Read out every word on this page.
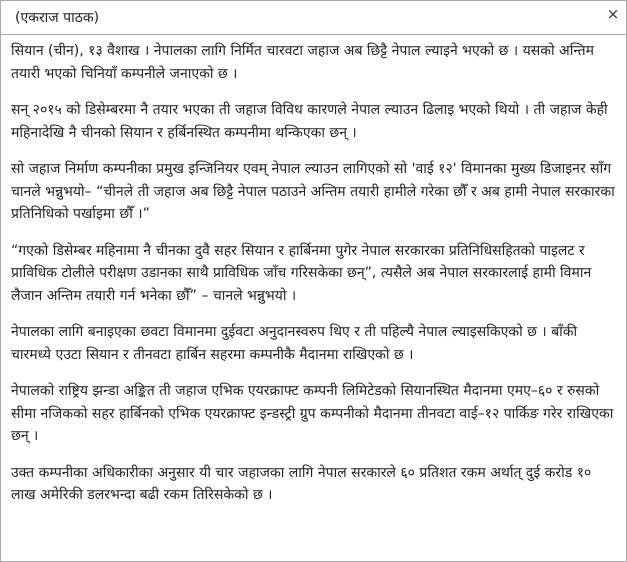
(एकराज पाठक)	×

सियान (चीन), १३ वैशाख । नेपालका लागि निर्मित चारवटा जहाज अब छिट्टै नेपाल ल्याइने भएको छ । यसको अन्तिम तयारी भएको चिनियाँ कम्पनीले जनाएको छ ।

सन् २०१५ को डिसेम्बरमा नै तयार भएका ती जहाज विविध कारणले नेपाल ल्याउन ढिलाइ भएको थियो । ती जहाज केही महिनादेखि नै चीनको सियान र हर्बिनस्थित कम्पनीमा थन्किएका छन् ।

सो जहाज निर्माण कम्पनीका प्रमुख इन्जिनियर एवम् नेपाल ल्याउन लागिएको सो 'वाई १२' विमानका मुख्य डिजाइनर साँग चानले भन्नुभयो– “चीनले ती जहाज अब छिट्टै नेपाल पठाउने अन्तिम तयारी हामीले गरेका छौँ र अब हामी नेपाल सरकारका प्रतिनिधिको पर्खाइमा छौँ ।”

“गएको डिसेम्बर महिनामा नै चीनका दुवै सहर सियान र हार्बिनमा पुगेर नेपाल सरकारका प्रतिनिधिसहितकाे पाइलट र प्राविधिक टोलीले परीक्षण उडानका साथै प्राविधिक जाँच गरिसकेका छन्”, त्यसैले अब नेपाल सरकारलाई हामी विमान लैजान अन्तिम तयारी गर्न भनेका छौँ” – चानले भन्नुभयो ।

नेपालका लागि बनाइएका छवटा विमानमा दुईवटा अनुदानस्वरुप थिए र ती पहिल्यै नेपाल ल्याइसकिएको छ । बाँकी चारमध्ये एउटा सियान र तीनवटा हार्बिन सहरमा कम्पनीकै मैदानमा राखिएको छ ।

नेपालको राष्ट्रिय झन्डा अङ्कित ती जहाज एभिक एयरक्राफ्ट कम्पनी लिमिटेडको सियानस्थित मैदानमा एमए–६० र रुसको सीमा नजिकको सहर हार्बिनको एभिक एयरक्राफ्ट इन्डस्ट्री ग्रुप कम्पनीको मैदानमा तीनवटा वाई–१२ पार्किङ गरेर राखिएका छन् ।

उक्त कम्पनीका अधिकारीका अनुसार यी चार जहाजका लागि नेपाल सरकारले ६० प्रतिशत रकम अर्थात् दुई करोड १० लाख अमेरिकी डलरभन्दा बढी रकम तिरिसकेको छ ।
